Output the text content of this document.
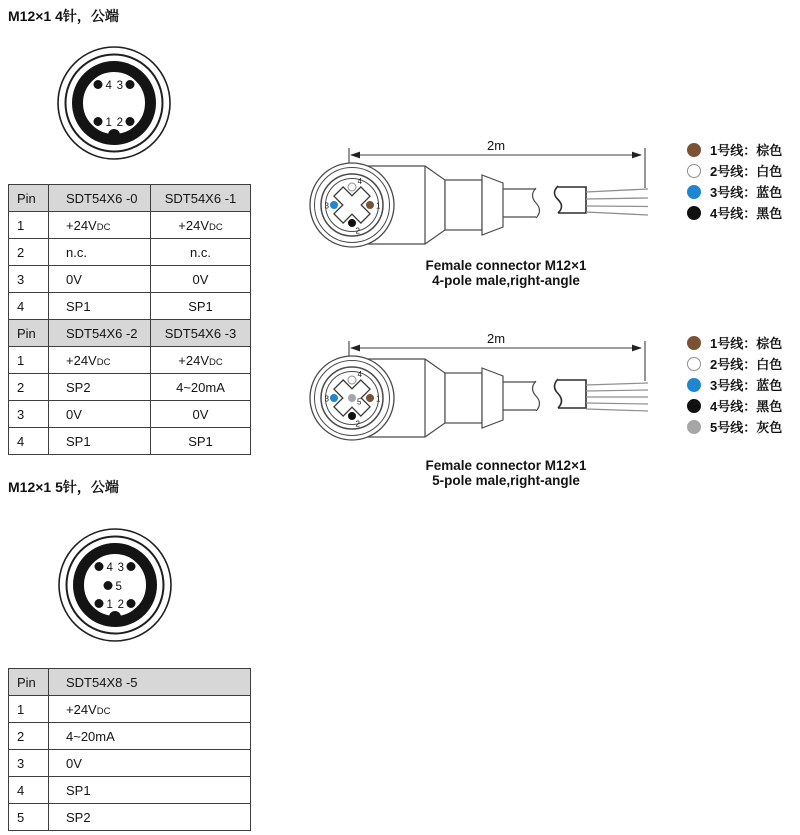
M12×1 4针，公端
M12×1 5针，公端
4 3
1 2
Pin	SDT54X6 -0	SDT54X6 -1
1	+24VDC	+24VDC
2	n.c.	n.c.
3	0V	0V
4	SP1	SP1
Pin	SDT54X6 -2	SDT54X6 -3
1	+24VDC	+24VDC
2	SP2	4~20mA
3	0V	0V
4	SP1	SP1
2m
4
1
2
3
Female connector M12×1
4-pole male,right-angle
1号线：棕色
2号线：白色
3号线：蓝色
4号线：黑色
2m
4
1
5
2
3
Female connector M12×1
5-pole male,right-angle
1号线：棕色
2号线：白色
3号线：蓝色
4号线：黑色
5号线：灰色
4 3
5
1 2
Pin	SDT54X8 -5
1	+24VDC
2	4~20mA
3	0V
4	SP1
5	SP2
